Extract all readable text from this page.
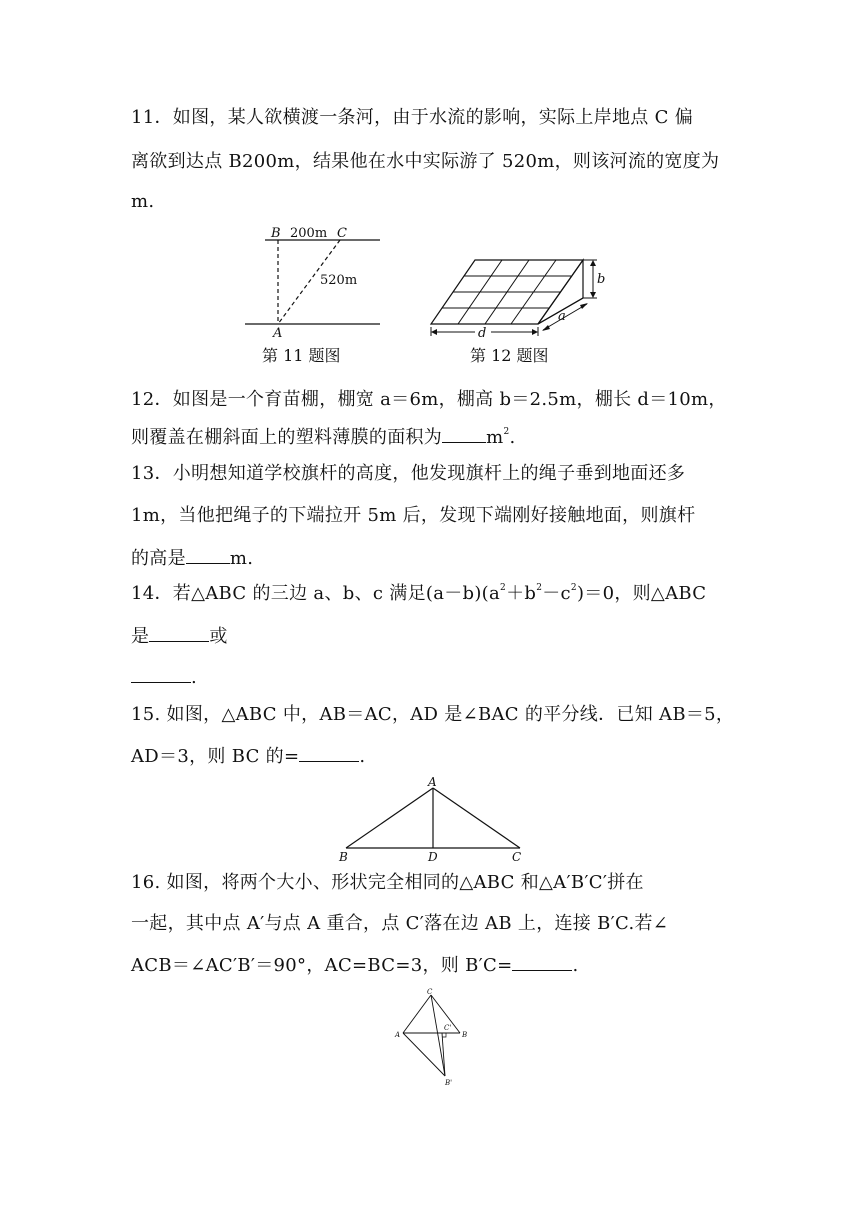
11．如图，某人欲横渡一条河，由于水流的影响，实际上岸地点 C 偏
离欲到达点 B200m，结果他在水中实际游了 520m，则该河流的宽度为
m.
B 200m C
520m
A
第 11 题图
b
d
a
第 12 题图
12．如图是一个育苗棚，棚宽 a＝6m，棚高 b＝2.5m，棚长 d＝10m，
则覆盖在棚斜面上的塑料薄膜的面积为 $m^2$.
13．小明想知道学校旗杆的高度，他发现旗杆上的绳子垂到地面还多
1m，当他把绳子的下端拉开 5m 后，发现下端刚好接触地面，则旗杆
的高是 m.
14．若△ABC 的三边 a、b、c 满足$(a-b)(a^2+b^2-c^2)=0$，则△ABC
是	或
.
15. 如图，△ABC 中，AB＝AC，AD 是∠BAC 的平分线．已知 AB＝5，
AD＝3，则 BC 的=	.
A
B	D	C
16. 如图，将两个大小、形状完全相同的△ABC 和△A′B′C′拼在
一起，其中点 A′与点 A 重合，点 C′落在边 AB 上，连接 B′C.若∠
ACB＝∠AC′B′＝90°，AC=BC=3，则 B′C=	.
C
A
C'
B
B'
